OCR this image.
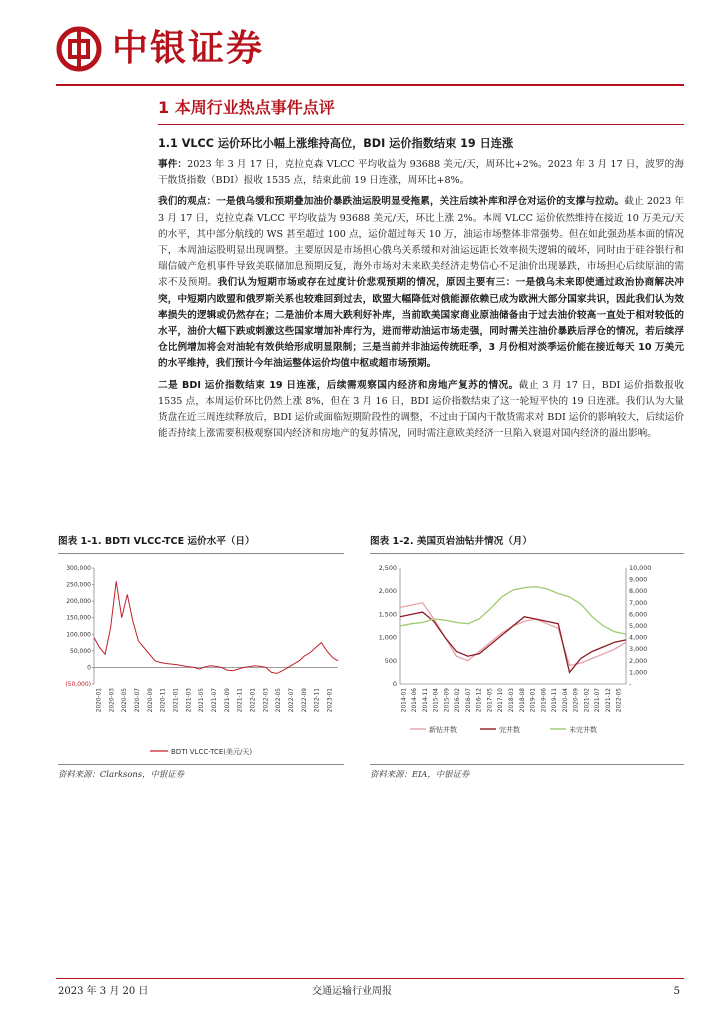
中银证券
1 本周行业热点事件点评
1.1 VLCC 运价环比小幅上涨维持高位，BDI 运价指数结束 19 日连涨

事件：2023 年 3 月 17 日，克拉克森 VLCC 平均收益为 93688 美元/天，周环比+2%。2023 年 3 月 17 日，波罗的海干散货指数（BDI）报收 1535 点，结束此前 19 日连涨，周环比+8%。

我们的观点：一是俄乌缓和预期叠加油价暴跌油运股明显受拖累，关注后续补库和浮仓对运价的支撑与拉动。截止 2023 年 3 月 17 日，克拉克森 VLCC 平均收益为 93688 美元/天，环比上涨 2%。本周 VLCC 运价依然维持在接近 10 万美元/天的水平，其中部分航线的 WS 甚至超过 100 点，运价超过每天 10 万，油运市场整体非常强势。但在如此强劲基本面的情况下，本周油运股明显出现调整。主要原因是市场担心俄乌关系缓和对油运远距长效率损失逻辑的破坏，同时由于硅谷银行和瑞信破产危机事件导致美联储加息预期反复，海外市场对未来欧美经济走势信心不足油价出现暴跌，市场担心后续原油的需求不及预期。我们认为短期市场或存在过度计价悲观预期的情况，原因主要有三：一是俄乌未来即使通过政治协商解决冲突，中短期内欧盟和俄罗斯关系也较难回到过去，欧盟大幅降低对俄能源依赖已成为欧洲大部分国家共识，因此我们认为效率损失的逻辑或仍然存在；二是油价本周大跌利好补库，当前欧美国家商业原油储备由于过去油价较高一直处于相对较低的水平，油价大幅下跌或刺激这些国家增加补库行为，进而带动油运市场走强，同时需关注油价暴跌后浮仓的情况，若后续浮仓比例增加将会对油轮有效供给形成明显限制；三是当前并非油运传统旺季，3 月份相对淡季运价能在接近每天 10 万美元的水平维持，我们预计今年油运整体运价均值中枢或超市场预期。

二是 BDI 运价指数结束 19 日连涨，后续需观察国内经济和房地产复苏的情况。截止 3 月 17 日，BDI 运价指数报收 1535 点，本周运价环比仍然上涨 8%，但在 3 月 16 日，BDI 运价指数结束了这一轮短平快的 19 日连涨。我们认为大量货盘在近三周连续释放后，BDI 运价或面临短期阶段性的调整，不过由于国内干散货需求对 BDI 运价的影响较大，后续运价能否持续上涨需要积极观察国内经济和房地产的复苏情况，同时需注意欧美经济一旦陷入衰退对国内经济的溢出影响。

图表 1-1. BDTI VLCC-TCE 运价水平（日）
300,000
250,000
200,000
150,000
100,000
50,000
0
(50,000)
2020-01 2020-03 2020-05 2020-07 2020-09 2020-11 2021-01 2021-03 2021-05 2021-07 2021-09 2021-11 2022-01 2022-03 2022-05 2022-07 2022-09 2022-11 2023-01
BDTI VLCC-TCE(美元/天)
资料来源：Clarksons，中银证券
图表 1-2. 美国页岩油钻井情况（月）
2,500
2,000
1,500
1,000
500
0
10,000
9,000
8,000
7,000
6,000
5,000
4,000
3,000
2,000
1,000
-
2014-01 2014-06 2014-11 2015-04 2015-09 2016-02 2016-07 2016-12 2017-05 2017-10 2018-03 2018-08 2019-01 2019-06 2019-11 2020-04 2020-09 2021-02 2021-07 2021-12 2022-05
新钻井数	完井数	未完井数
资料来源：EIA，中银证券
2023 年 3 月 20 日	交通运输行业周报	5
